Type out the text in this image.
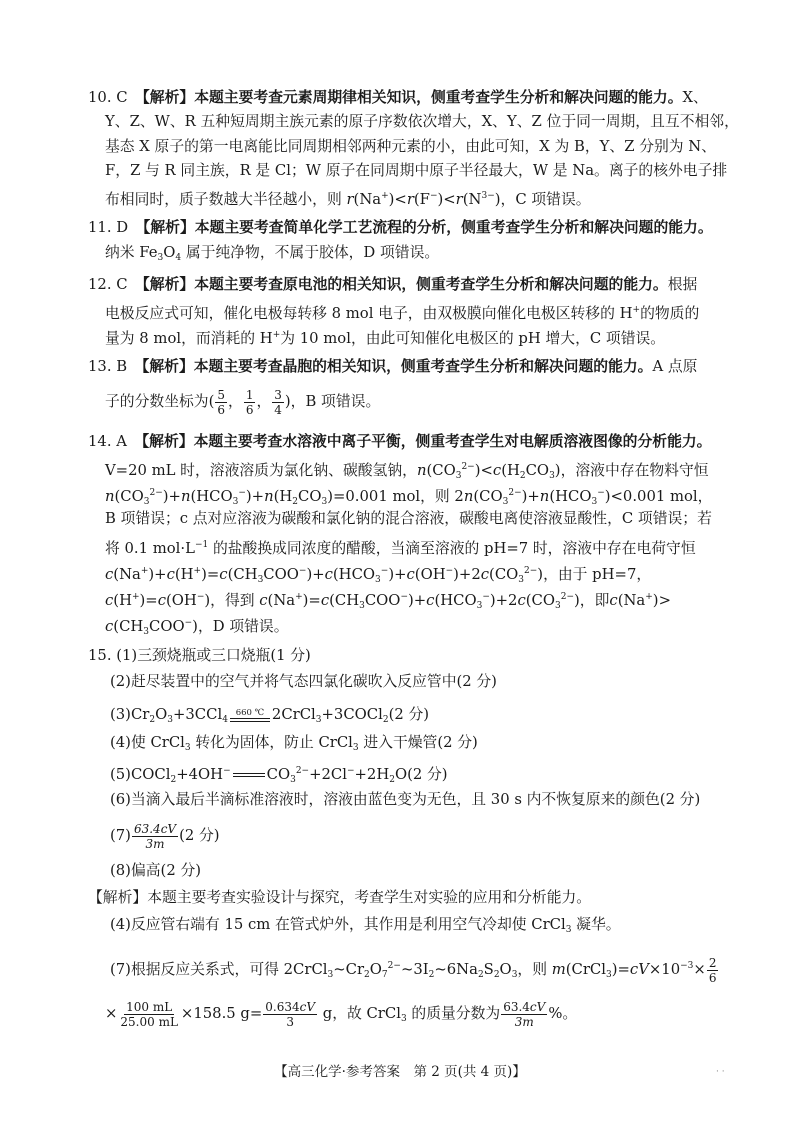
10. C　 【解析】本题主要考查元素周期律相关知识，侧重考查学生分析和解决问题的能力。X、
Y、Z、W、R 五种短周期主族元素的原子序数依次增大，X、Y、Z 位于同一周期，且互不相邻，
基态 X 原子的第一电离能比同周期相邻两种元素的小，由此可知，X 为 B，Y、Z 分别为 N、
F，Z 与 R 同主族，R 是 Cl；W 原子在同周期中原子半径最大，W 是 Na。离子的核外电子排
布相同时，质子数越大半径越小，则 $r(Na^+)<r(F^-)<r(N^{3-})$，C 项错误。
11. D　 【解析】本题主要考查简单化学工艺流程的分析，侧重考查学生分析和解决问题的能力。
纳米 $Fe_3O_4$ 属于纯净物，不属于胶体，D 项错误。
12. C　 【解析】本题主要考查原电池的相关知识，侧重考查学生分析和解决问题的能力。根据
电极反应式可知，催化电极每转移 8 mol 电子，由双极膜向催化电极区转移的 H+的物质的
量为 8 mol，而消耗的 H+为 10 mol，由此可知催化电极区的 pH 增大，C 项错误。
13. B　 【解析】本题主要考查晶胞的相关知识，侧重考查学生分析和解决问题的能力。A 点原
子的分数坐标为( $\frac{5}{6}$ ， $\frac{1}{6}$ ， $\frac{3}{4}$ )，B 项错误。
14. A　 【解析】本题主要考查水溶液中离子平衡，侧重考查学生对电解质溶液图像的分析能力。
V=20 mL 时，溶液溶质为氯化钠、碳酸氢钠，$n(CO_3^{2-})<c(H_2CO_3)$，溶液中存在物料守恒
$n(CO_3^{2-})+n(HCO_3^-)+n(H_2CO_3)=0.001$ mol，则 $2n(CO_3^{2-})+n(HCO_3^-)<0.001$ mol，
B 项错误；c 点对应溶液为碳酸和氯化钠的混合溶液，碳酸电离使溶液显酸性，C 项错误；若
将 0.1 $mol\cdot L^{-1}$ 的盐酸换成同浓度的醋酸，当滴至溶液的 pH=7 时，溶液中存在电荷守恒
$c(Na^+)+c(H^+)=c(CH_3COO^-)+c(HCO_3^-)+c(OH^-)+2c(CO_3^{2-})$，由于 pH=7，
c(H+)=c(OH−)，得到 $c(Na^+)=c(CH_3COO^-)+c(HCO_3^-)+2c(CO_3^{2-})$，即c(Na+)>
$c(CH_3COO^-)$，D 项错误。
15. (1)三颈烧瓶或三口烧瓶(1 分)
(2)赶尽装置中的空气并将气态四氯化碳吹入反应管中(2 分)
$(3)Cr_2O_3+3CCl_4$
660 ℃ 2CrCl$_3$+3COCl$_2$(2 分)
(4)使 CrCl$_3$ 转化为固体，防止 CrCl$_3$ 进入干燥管(2 分)
(5)COCl$_2$+4OH− $CO_3^{2-}+2Cl^-+2H_2O(2$ 分)
(6)当滴入最后半滴标准溶液时，溶液由蓝色变为无色，且 30 s 内不恢复原来的颜色(2 分)
$(7) \frac{63.4cV}{3m} (2$ 分)
(8)偏高(2 分)
【解析】本题主要考查实验设计与探究，考查学生对实验的应用和分析能力。
(4)反应管右端有 15 cm 在管式炉外，其作用是利用空气冷却使 CrCl$_3$ 凝华。
(7)根据反应关系式，可得 $2CrCl_3\sim Cr_2O_7^{2-}\sim 3I_2\sim 6Na_2S_2O_3$，则 $m(CrCl_3)=cV\times 10^{-3}\times \frac{2}{6}$
× $\frac{100 mL}{25.00 mL} \times 158.5$ $g= \frac{0.634cV}{3}$ g，故 CrCl$_3$ 的质量分数为 $\frac{63.4cV}{3m}$ %。
【高三化学·参考答案　第 2 页(共 4 页)】	· ·
